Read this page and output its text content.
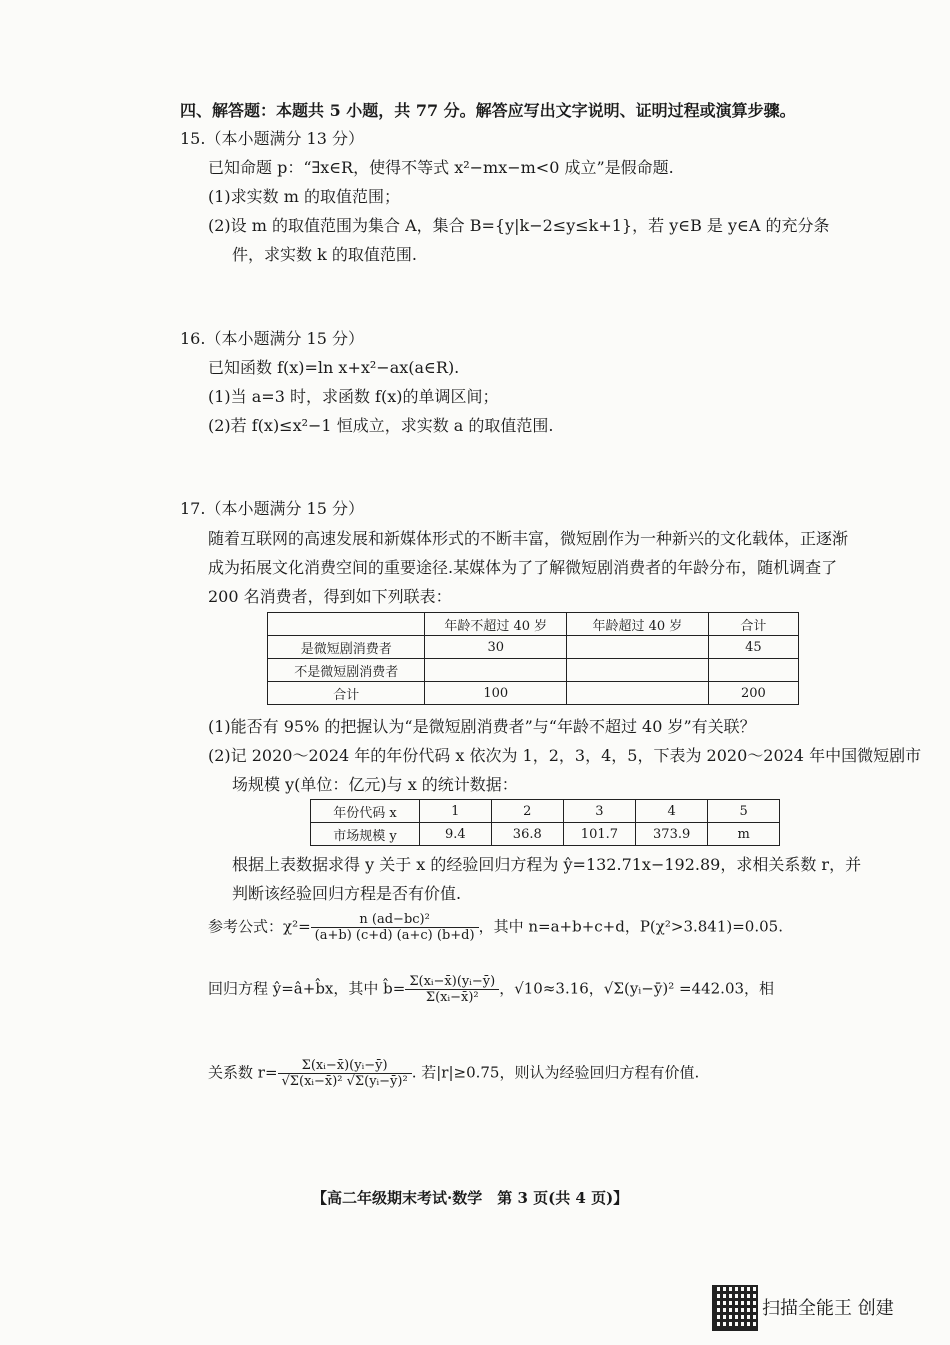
四、解答题：本题共 5 小题，共 77 分。解答应写出文字说明、证明过程或演算步骤。
15.（本小题满分 13 分）
已知命题 p：“∃x∈R，使得不等式 x²−mx−m<0 成立”是假命题.
(1)求实数 m 的取值范围；
(2)设 m 的取值范围为集合 A，集合 B={y|k−2≤y≤k+1}，若 y∈B 是 y∈A 的充分条
件，求实数 k 的取值范围.
16.（本小题满分 15 分）
已知函数 f(x)=ln x+x²−ax(a∈R).
(1)当 a=3 时，求函数 f(x)的单调区间；
(2)若 f(x)≤x²−1 恒成立，求实数 a 的取值范围.
17.（本小题满分 15 分）
随着互联网的高速发展和新媒体形式的不断丰富，微短剧作为一种新兴的文化载体，正逐渐
成为拓展文化消费空间的重要途径.某媒体为了了解微短剧消费者的年龄分布，随机调查了
200 名消费者，得到如下列联表：
	年龄不超过 40 岁	年龄超过 40 岁	合计
是微短剧消费者	30		45
不是微短剧消费者			
合计	100		200
(1)能否有 95% 的把握认为“是微短剧消费者”与“年龄不超过 40 岁”有关联？
(2)记 2020～2024 年的年份代码 x 依次为 1，2，3，4，5，下表为 2020～2024 年中国微短剧市
场规模 y(单位：亿元)与 x 的统计数据：
年份代码 x	1	2	3	4	5
市场规模 y	9.4	36.8	101.7	373.9	m
根据上表数据求得 y 关于 x 的经验回归方程为 ŷ=132.71x−192.89，求相关系数 r，并
判断该经验回归方程是否有价值.
参考公式：$\chi^2= \frac{\text{n (ad−bc)²}}{(a+b) (c+d) (a+c) (b+d)}$ ，其中 n=a+b+c+d，P(χ²>3.841)=0.05.
回归方程 ŷ=â+b̂x，其中 b̂= $\frac{\text{Σ(xᵢ−x̄)(yᵢ−ȳ)}}{\text{Σ(xᵢ−x̄)²}}$ ，√10≈3.16，√Σ(yᵢ−ȳ)² =442.03，相
关系数 $r= \frac{\text{Σ(xᵢ−x̄)(yᵢ−ȳ)}}{\text{√Σ(xᵢ−x̄)² √Σ(yᵢ−ȳ)²}}$ . 若|r|≥0.75，则认为经验回归方程有价值.
【高二年级期末考试·数学　第 3 页(共 4 页)】
扫描全能王 创建
